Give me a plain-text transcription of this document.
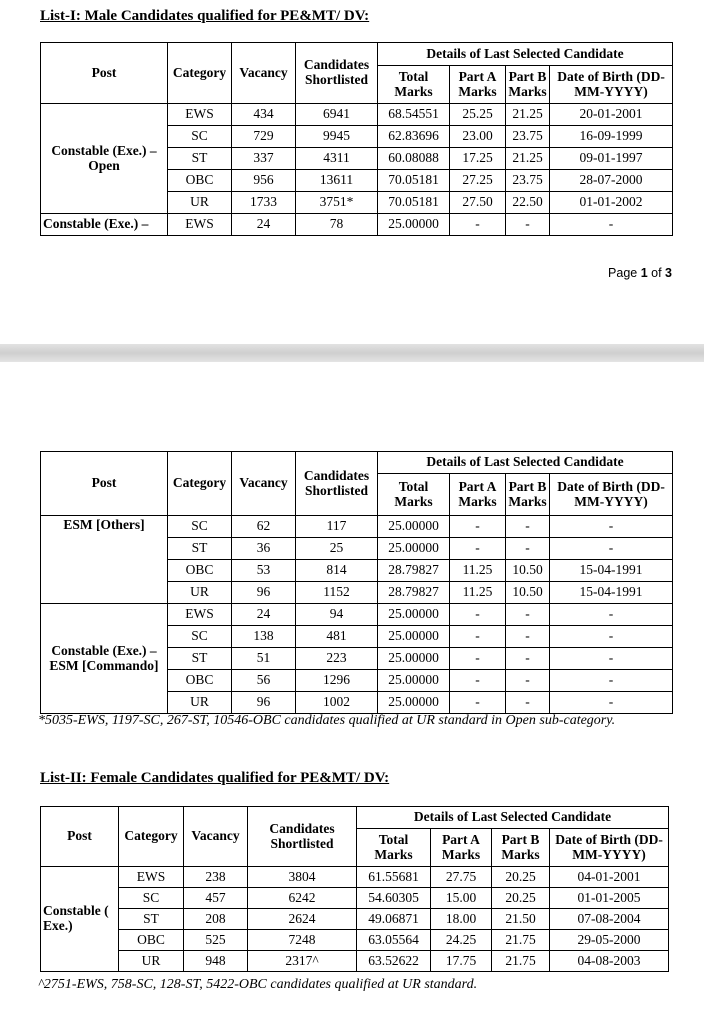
List-I: Male Candidates qualified for PE&MT/ DV:
Post	Category	Vacancy	Candidates Shortlisted	Details of Last Selected Candidate			
				Total Marks	Part A Marks	Part B Marks	Date of Birth (DD-MM-YYYY)
Constable (Exe.) – Open	EWS	434	6941	68.54551	25.25	21.25	20-01-2001
	SC	729	9945	62.83696	23.00	23.75	16-09-1999
	ST	337	4311	60.08088	17.25	21.25	09-01-1997
	OBC	956	13611	70.05181	27.25	23.75	28-07-2000
	UR	1733	3751*	70.05181	27.50	22.50	01-01-2002
Constable (Exe.) –	EWS	24	78	25.00000	-	-	-
Page 1 of 3
Post	Category	Vacancy	Candidates Shortlisted	Details of Last Selected Candidate			
				Total Marks	Part A Marks	Part B Marks	Date of Birth (DD-MM-YYYY)
ESM [Others]	SC	62	117	25.00000	-	-	-
	ST	36	25	25.00000	-	-	-
	OBC	53	814	28.79827	11.25	10.50	15-04-1991
	UR	96	1152	28.79827	11.25	10.50	15-04-1991
Constable (Exe.) – ESM [Commando]	EWS	24	94	25.00000	-	-	-
	SC	138	481	25.00000	-	-	-
	ST	51	223	25.00000	-	-	-
	OBC	56	1296	25.00000	-	-	-
	UR	96	1002	25.00000	-	-	-

*5035-EWS, 1197-SC, 267-ST, 10546-OBC candidates qualified at UR standard in Open sub-category.

List-II: Female Candidates qualified for PE&MT/ DV:
Post	Category	Vacancy	Candidates Shortlisted	Details of Last Selected Candidate			
				Total Marks	Part A Marks	Part B Marks	Date of Birth (DD-MM-YYYY)
Constable ( Exe.)	EWS	238	3804	61.55681	27.75	20.25	04-01-2001
	SC	457	6242	54.60305	15.00	20.25	01-01-2005
	ST	208	2624	49.06871	18.00	21.50	07-08-2004
	OBC	525	7248	63.05564	24.25	21.75	29-05-2000
	UR	948	2317^	63.52622	17.75	21.75	04-08-2003

^2751-EWS, 758-SC, 128-ST, 5422-OBC candidates qualified at UR standard.
